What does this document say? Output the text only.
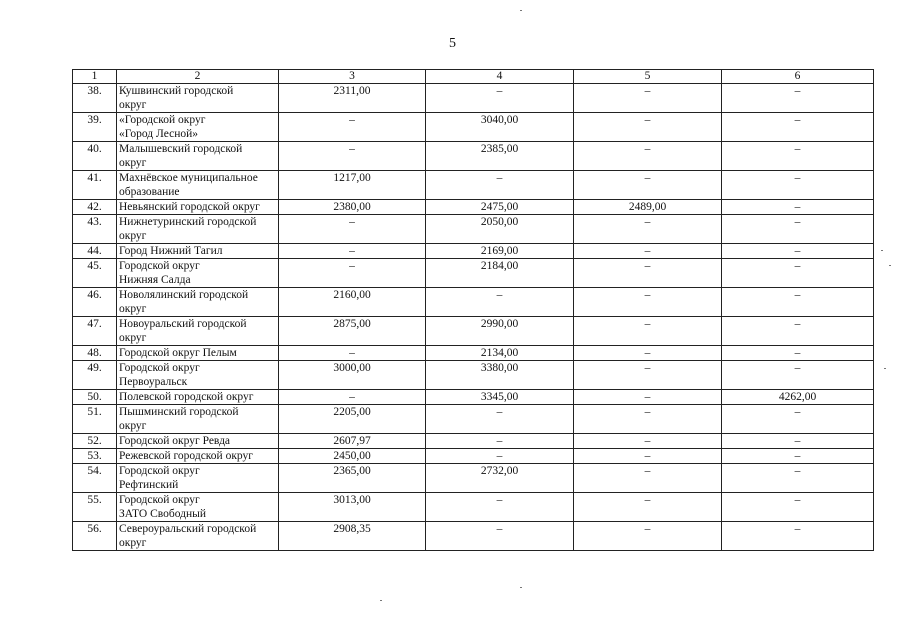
5
1	2	3	4	5	6
38.	Кушвинский городской
округ	2311,00	–	–	–
39.	«Городской округ
«Город Лесной»	–	3040,00	–	–
40.	Малышевский городской
округ	–	2385,00	–	–
41.	Махнёвское муниципальное
образование	1217,00	–	–	–
42.	Невьянский городской округ	2380,00	2475,00	2489,00	–
43.	Нижнетуринский городской
округ	–	2050,00	–	–
44.	Город Нижний Тагил	–	2169,00	–	–
45.	Городской округ
Нижняя Салда	–	2184,00	–	–
46.	Новолялинский городской
округ	2160,00	–	–	–
47.	Новоуральский городской
округ	2875,00	2990,00	–	–
48.	Городской округ Пелым	–	2134,00	–	–
49.	Городской округ
Первоуральск	3000,00	3380,00	–	–
50.	Полевской городской округ	–	3345,00	–	4262,00
51.	Пышминский городской
округ	2205,00	–	–	–
52.	Городской округ Ревда	2607,97	–	–	–
53.	Режевской городской округ	2450,00	–	–	–
54.	Городской округ
Рефтинский	2365,00	2732,00	–	–
55.	Городской округ
ЗАТО Свободный	3013,00	–	–	–
56.	Североуральский городской
округ	2908,35	–	–	–
